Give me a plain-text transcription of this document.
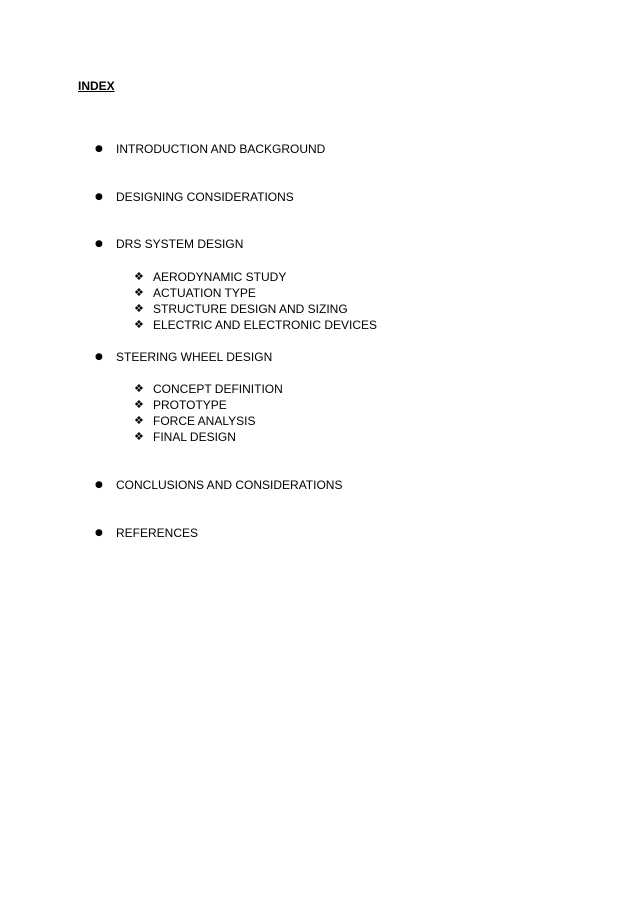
INDEX
●	INTRODUCTION AND BACKGROUND
●	DESIGNING CONSIDERATIONS
●	DRS SYSTEM DESIGN
❖ AERODYNAMIC STUDY
❖ ACTUATION TYPE
❖ STRUCTURE DESIGN AND SIZING
❖ ELECTRIC AND ELECTRONIC DEVICES
●	STEERING WHEEL DESIGN
❖ CONCEPT DEFINITION
❖ PROTOTYPE
❖ FORCE ANALYSIS
❖ FINAL DESIGN
●	CONCLUSIONS AND CONSIDERATIONS
●	REFERENCES
